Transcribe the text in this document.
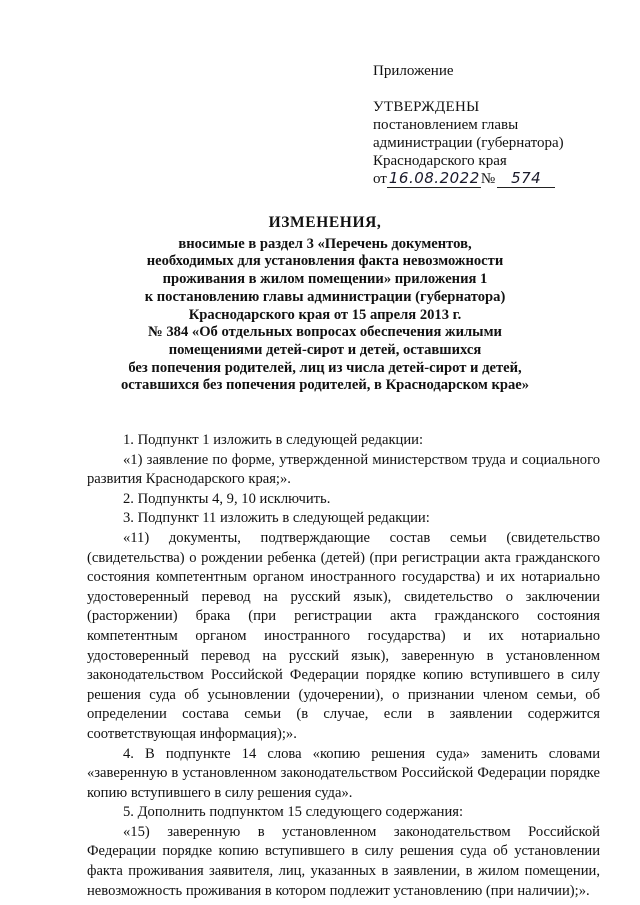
Приложение
УТВЕРЖДЕНЫ
постановлением главы
администрации (губернатора)
Краснодарского края
от 16.08.2022 №	574
ИЗМЕНЕНИЯ,
вносимые в раздел 3 «Перечень документов,
необходимых для установления факта невозможности
проживания в жилом помещении» приложения 1
к постановлению главы администрации (губернатора)
Краснодарского края от 15 апреля 2013 г.
№ 384 «Об отдельных вопросах обеспечения жилыми
помещениями детей-сирот и детей, оставшихся
без попечения родителей, лиц из числа детей-сирот и детей,
оставшихся без попечения родителей, в Краснодарском крае»

1. Подпункт 1 изложить в следующей редакции:

«1) заявление по форме, утвержденной министерством труда и социального развития Краснодарского края;».

2. Подпункты 4, 9, 10 исключить.

3. Подпункт 11 изложить в следующей редакции:

«11) документы, подтверждающие состав семьи (свидетельство (свидетельства) о рождении ребенка (детей) (при регистрации акта гражданского состояния компетентным органом иностранного государства) и их нотариально удостоверенный перевод на русский язык), свидетельство о заключении (расторжении) брака (при регистрации акта гражданского состояния компетентным органом иностранного государства) и их нотариально удостоверенный перевод на русский язык), заверенную в установленном законодательством Российской Федерации порядке копию вступившего в силу решения суда об усыновлении (удочерении), о признании членом семьи, об определении состава семьи (в случае, если в заявлении содержится соответствующая информация);».

4. В подпункте 14 слова «копию решения суда» заменить словами «заверенную в установленном законодательством Российской Федерации порядке копию вступившего в силу решения суда».

5. Дополнить подпунктом 15 следующего содержания:

«15) заверенную в установленном законодательством Российской Федерации порядке копию вступившего в силу решения суда об установлении факта проживания заявителя, лиц, указанных в заявлении, в жилом помещении, невозможность проживания в котором подлежит установлению (при наличии);».
